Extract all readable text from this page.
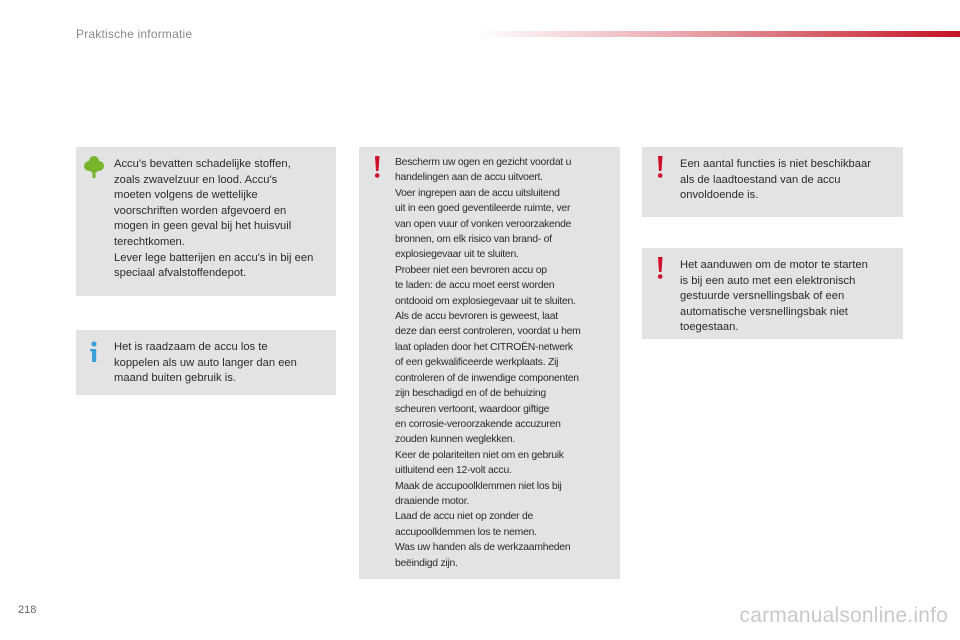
Praktische informatie

Accu's bevatten schadelijke stoffen,

zoals zwavelzuur en lood. Accu's

moeten volgens de wettelijke

voorschriften worden afgevoerd en

mogen in geen geval bij het huisvuil

terechtkomen.

Lever lege batterijen en accu's in bij een

speciaal afvalstoffendepot.

Het is raadzaam de accu los te

koppelen als uw auto langer dan een

maand buiten gebruik is.

Bescherm uw ogen en gezicht voordat u

handelingen aan de accu uitvoert.

Voer ingrepen aan de accu uitsluitend

uit in een goed geventileerde ruimte, ver

van open vuur of vonken veroorzakende

bronnen, om elk risico van brand- of

explosiegevaar uit te sluiten.

Probeer niet een bevroren accu op

te laden: de accu moet eerst worden

ontdooid om explosiegevaar uit te sluiten.

Als de accu bevroren is geweest, laat

deze dan eerst controleren, voordat u hem

laat opladen door het CITROËN-netwerk

of een gekwalificeerde werkplaats. Zij

controleren of de inwendige componenten

zijn beschadigd en of de behuizing

scheuren vertoont, waardoor giftige

en corrosie-veroorzakende accuzuren

zouden kunnen weglekken.

Keer de polariteiten niet om en gebruik

uitluitend een 12-volt accu.

Maak de accupoolklemmen niet los bij

draaiende motor.

Laad de accu niet op zonder de

accupoolklemmen los te nemen.

Was uw handen als de werkzaamheden

beëindigd zijn.

Een aantal functies is niet beschikbaar

als de laadtoestand van de accu

onvoldoende is.

Het aanduwen om de motor te starten

is bij een auto met een elektronisch

gestuurde versnellingsbak of een

automatische versnellingsbak niet

toegestaan.

218	carmanualsonline.info
